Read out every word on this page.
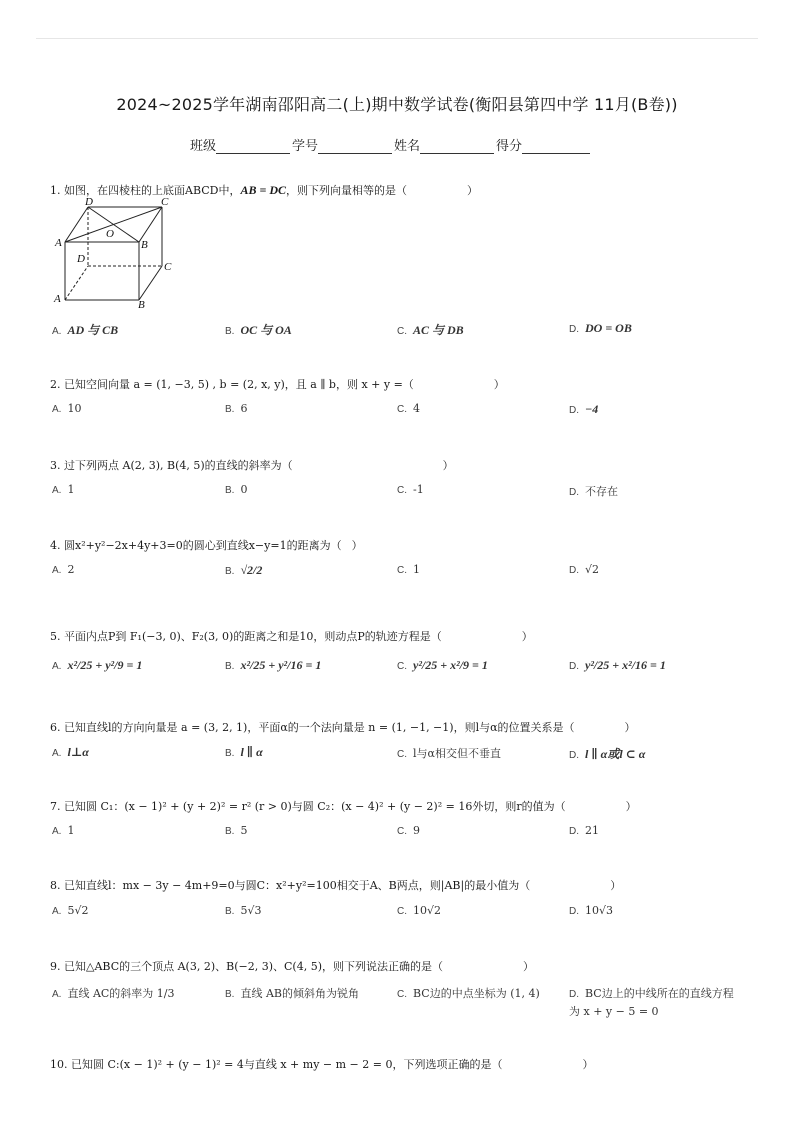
2024~2025学年湖南邵阳高二(上)期中数学试卷(衡阳县第四中学 11月(B卷))
班级	学号	姓名	得分
1. 如图，在四棱柱的上底面ABCD中，AB = DC，则下列向量相等的是（	）
D	C
A
O
B
D
C
A	B
A. AD 与 CB	B. OC 与 OA	C. AC 与 DB	D. DO = OB
2. 已知空间向量 a = (1, −3, 5) , b = (2, x, y)，且 a ∥ b，则 x + y =（	）
A. 10	B. 6	C. 4	D. −4
3. 过下列两点 A(2, 3), B(4, 5)的直线的斜率为（	）
A. 1	B. 0	C. -1	D. 不存在
4. 圆x²+y²−2x+4y+3=0的圆心到直线x−y=1的距离为（ ）
A. 2	B. √2/2	C. 1	D. √2
5. 平面内点P到 F₁(−3, 0)、F₂(3, 0)的距离之和是10，则动点P的轨迹方程是（	）
A. x²/25 + y²/9 = 1	B. x²/25 + y²/16 = 1	C. y²/25 + x²/9 = 1	D. y²/25 + x²/16 = 1
6. 已知直线l的方向向量是 a = (3, 2, 1)，平面α的一个法向量是 n = (1, −1, −1)，则l与α的位置关系是（	）
A. l⊥α	B. l ∥ α	C. l与α相交但不垂直	D. l ∥ α或l ⊂ α
7. 已知圆 C₁：(x − 1)² + (y + 2)² = r² (r > 0)与圆 C₂：(x − 4)² + (y − 2)² = 16外切，则r的值为（	）
A. 1	B. 5	C. 9	D. 21
8. 已知直线l：mx − 3y − 4m+9=0与圆C：x²+y²=100相交于A、B两点，则|AB|的最小值为（	）
A. 5√2	B. 5√3	C. 10√2	D. 10√3
9. 已知△ABC的三个顶点 A(3, 2)、B(−2, 3)、C(4, 5)，则下列说法正确的是（	）
A. 直线 AC的斜率为 1/3	B. 直线 AB的倾斜角为锐角	C. BC边的中点坐标为 (1, 4)	D. BC边上的中线所在的直线方程为 x + y − 5 = 0
10. 已知圆 C:(x − 1)² + (y − 1)² = 4与直线 x + my − m − 2 = 0，下列选项正确的是（	）
